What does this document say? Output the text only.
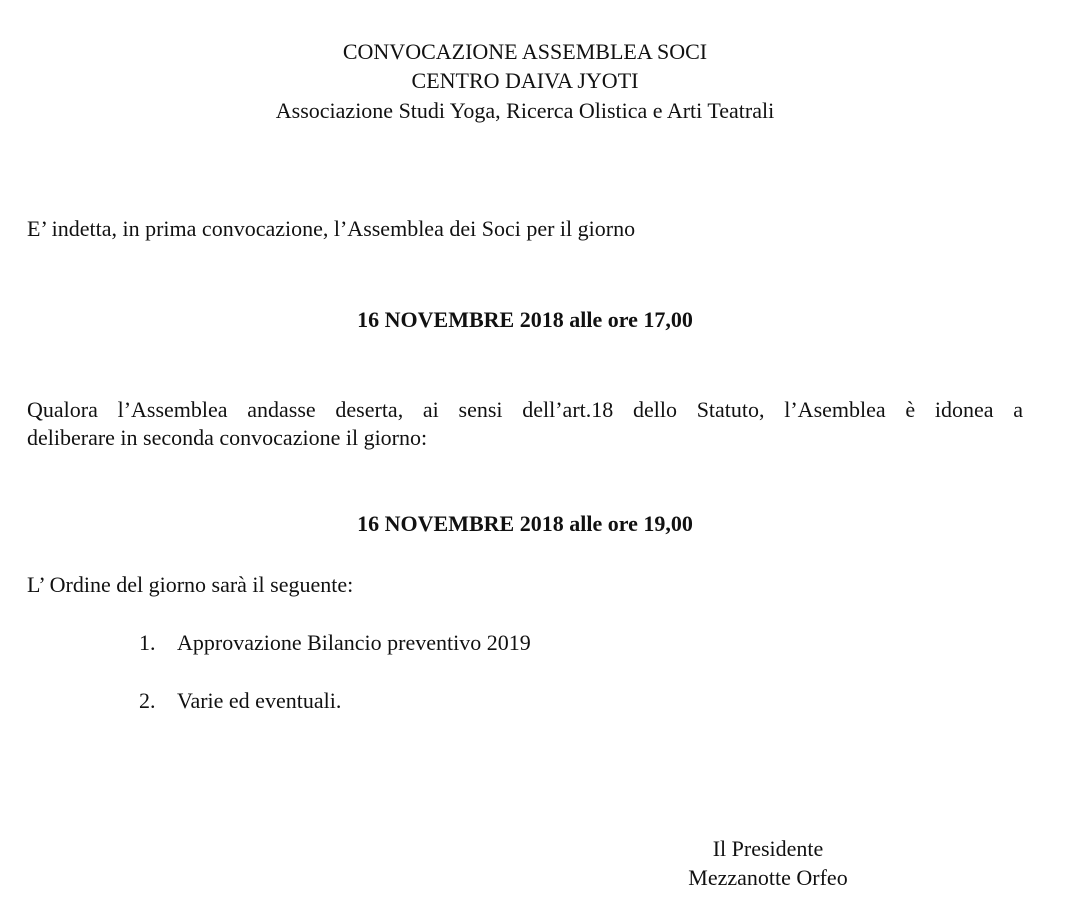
CONVOCAZIONE ASSEMBLEA SOCI
CENTRO DAIVA JYOTI
Associazione Studi Yoga, Ricerca Olistica e Arti Teatrali
E’ indetta, in prima convocazione, l’Assemblea dei Soci per il giorno
16 NOVEMBRE 2018 alle ore 17,00
Qualora l’Assemblea andasse deserta, ai sensi dell’art.18 dello Statuto, l’Asemblea è idonea a
deliberare in seconda convocazione il giorno:
16 NOVEMBRE 2018 alle ore 19,00
L’ Ordine del giorno sarà il seguente:
1. Approvazione Bilancio preventivo 2019
2. Varie ed eventuali.
Il Presidente
Mezzanotte Orfeo
